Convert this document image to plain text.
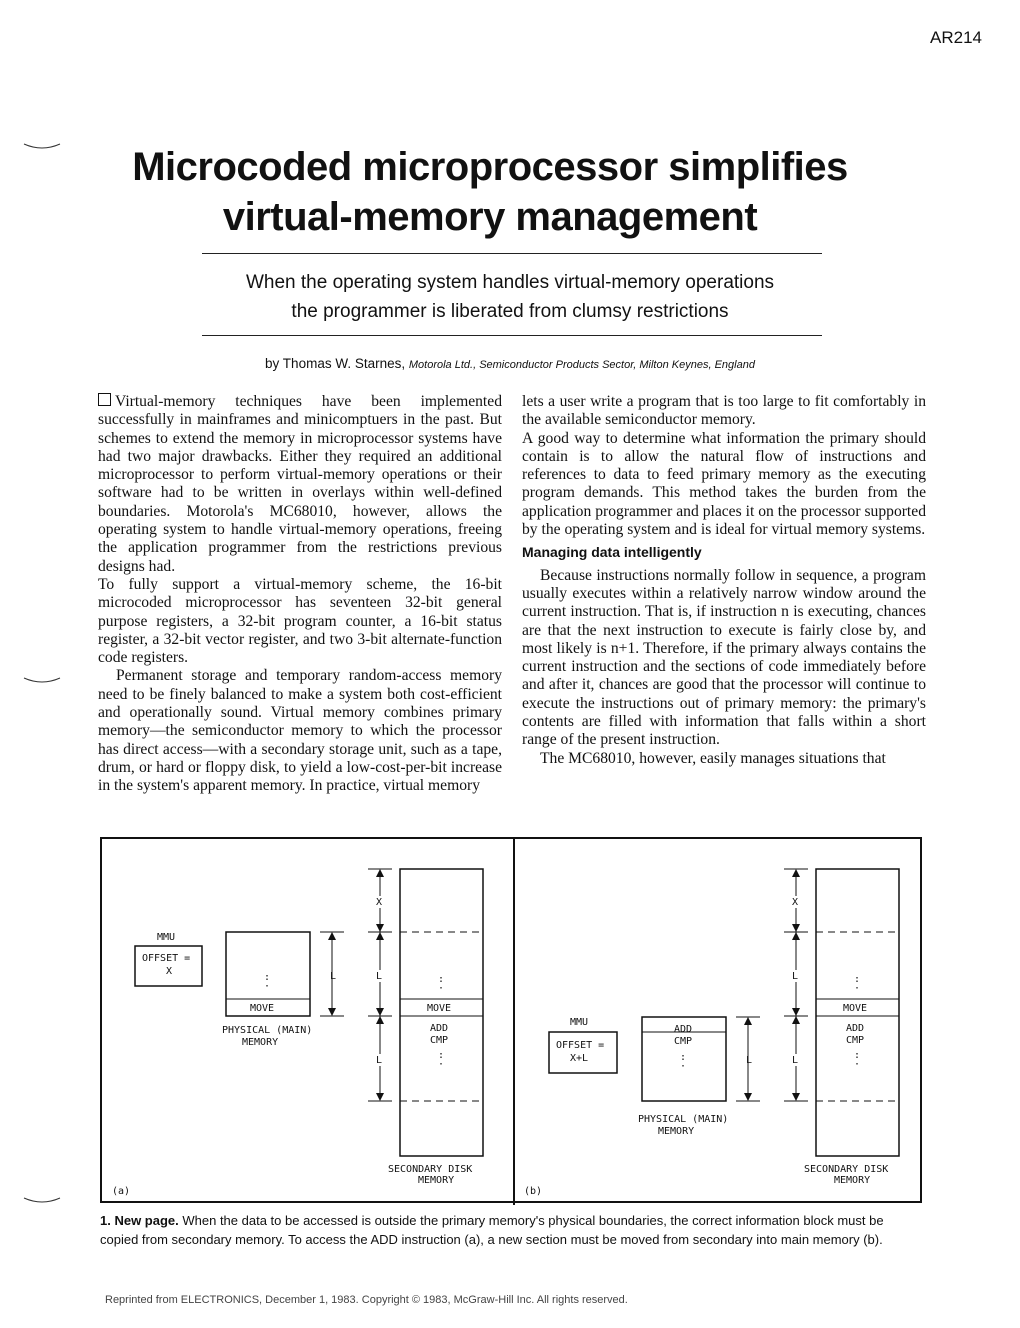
AR214
Microcoded microprocessor simplifies
virtual-memory management
When the operating system handles virtual-memory operations
the programmer is liberated from clumsy restrictions
by Thomas W. Starnes, Motorola Ltd., Semiconductor Products Sector, Milton Keynes, England

Virtual-memory techniques have been implemented successfully in mainframes and minicomptuers in the past. But schemes to extend the memory in microprocessor systems have had two major drawbacks. Either they required an additional microprocessor to perform virtual-memory operations or their software had to be written in overlays within well-defined boundaries. Motorola's MC68010, however, allows the operating system to handle virtual-memory operations, freeing the application programmer from the restrictions previous designs had.

To fully support a virtual-memory scheme, the 16-bit microcoded microprocessor has seventeen 32-bit general purpose registers, a 32-bit program counter, a 16-bit status register, a 32-bit vector register, and two 3-bit alternate-function code registers.

Permanent storage and temporary random-access memory need to be finely balanced to make a system both cost-efficient and operationally sound. Virtual memory combines primary memory—the semiconductor memory to which the processor has direct access—with a secondary storage unit, such as a tape, drum, or hard or floppy disk, to yield a low-cost-per-bit increase in the system's apparent memory. In practice, virtual memory

lets a user write a program that is too large to fit comfortably in the available semiconductor memory.

A good way to determine what information the primary should contain is to allow the natural flow of instructions and references to data to feed primary memory as the executing program demands. This method takes the burden from the application programmer and places it on the processor supported by the operating system and is ideal for virtual memory systems.

Managing data intelligently

Because instructions normally follow in sequence, a program usually executes within a relatively narrow window around the current instruction. That is, if instruction n is executing, chances are that the next instruction to execute is fairly close by, and most likely is n+1. Therefore, if the primary always contains the current instruction and the sections of code immediately before and after it, chances are good that the processor will continue to execute the instructions out of primary memory: the primary's contents are filled with information that falls within a short range of the present instruction.

The MC68010, however, easily manages situations that

MMU
OFFSET =
X
:
·
MOVE
PHYSICAL (MAIN)
MEMORY
L
X
L
L
:
·
MOVE
ADD
CMP
:
·
SECONDARY DISK
MEMORY
(a)
MMU
OFFSET =
X+L
ADD
CMP
:
·
PHYSICAL (MAIN)
MEMORY
L
X
L
L
:
·
MOVE
ADD
CMP
:
·
SECONDARY DISK
MEMORY
(b)
1. New page. When the data to be accessed is outside the primary memory's physical boundaries, the correct information block must be copied from secondary memory. To access the ADD instruction (a), a new section must be moved from secondary into main memory (b).
Reprinted from ELECTRONICS, December 1, 1983. Copyright © 1983, McGraw-Hill Inc. All rights reserved.
